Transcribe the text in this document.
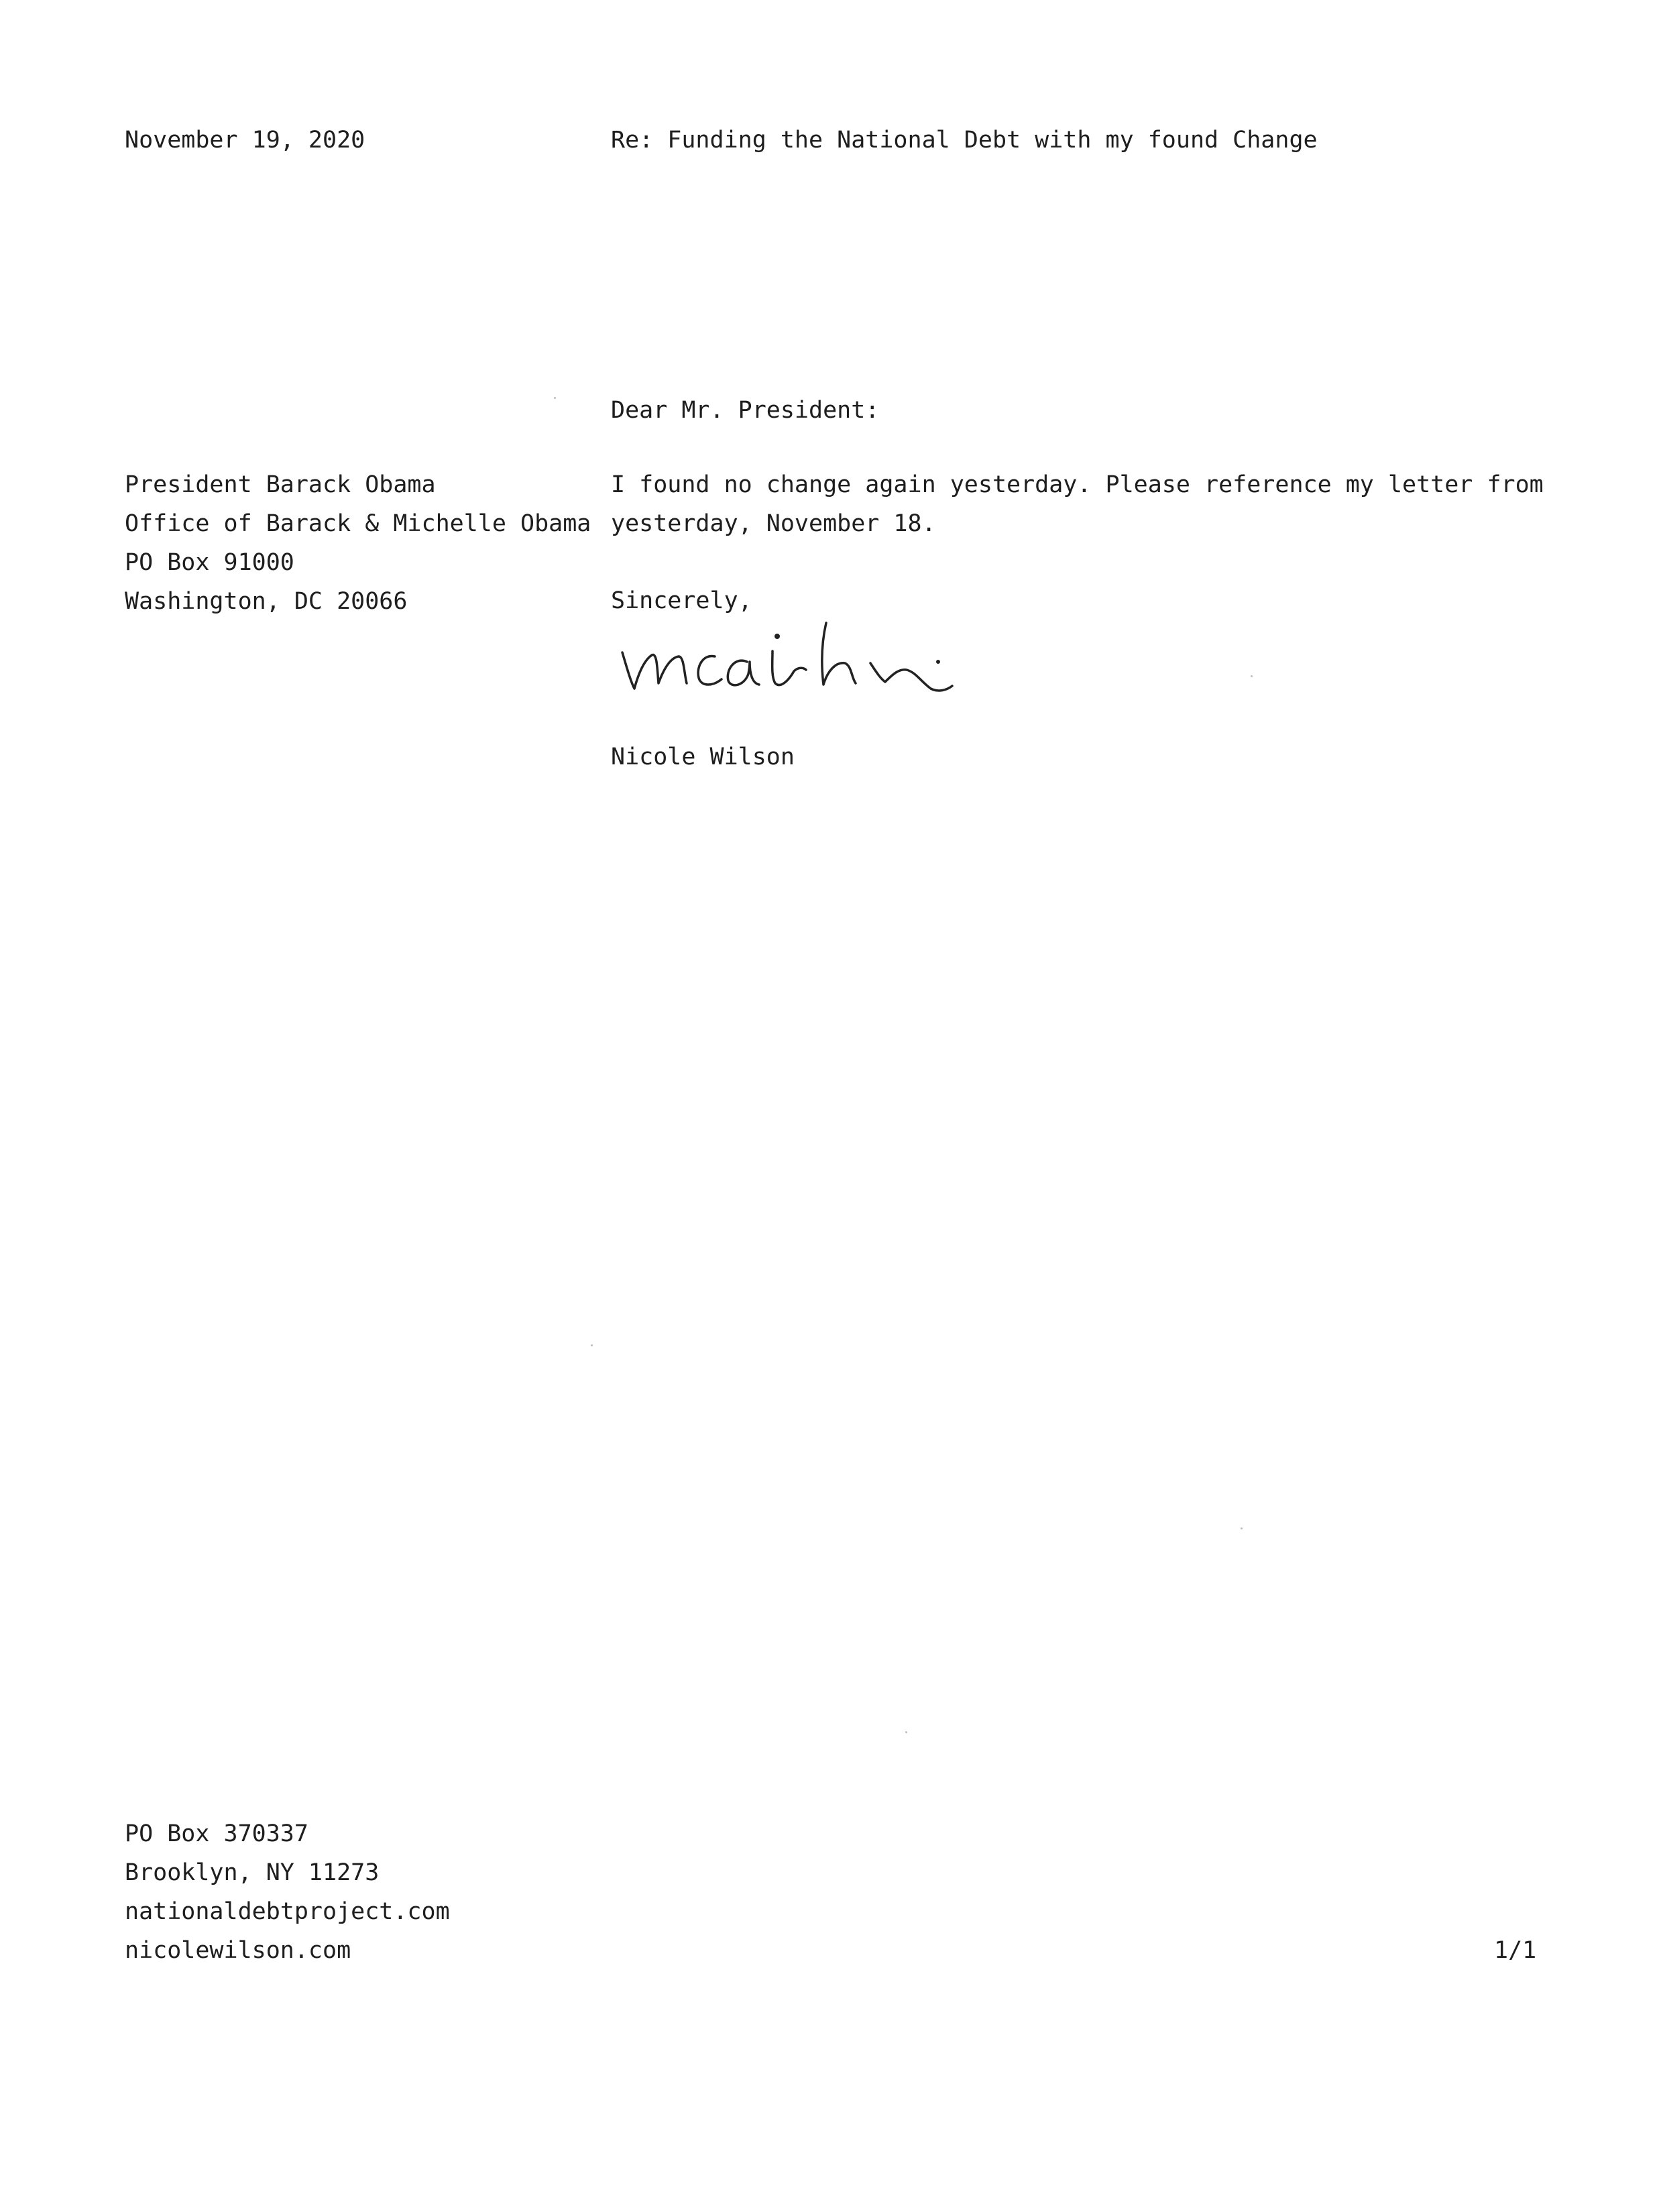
November 19, 2020	Re: Funding the National Debt with my found Change
Dear Mr. President:
President Barack Obama
Office of Barack & Michelle Obama
PO Box 91000
Washington, DC 20066
I found no change again yesterday. Please reference my letter from
yesterday, November 18.
Sincerely,
Nicole Wilson
PO Box 370337
Brooklyn, NY 11273
nationaldebtproject.com
nicolewilson.com	1/1
